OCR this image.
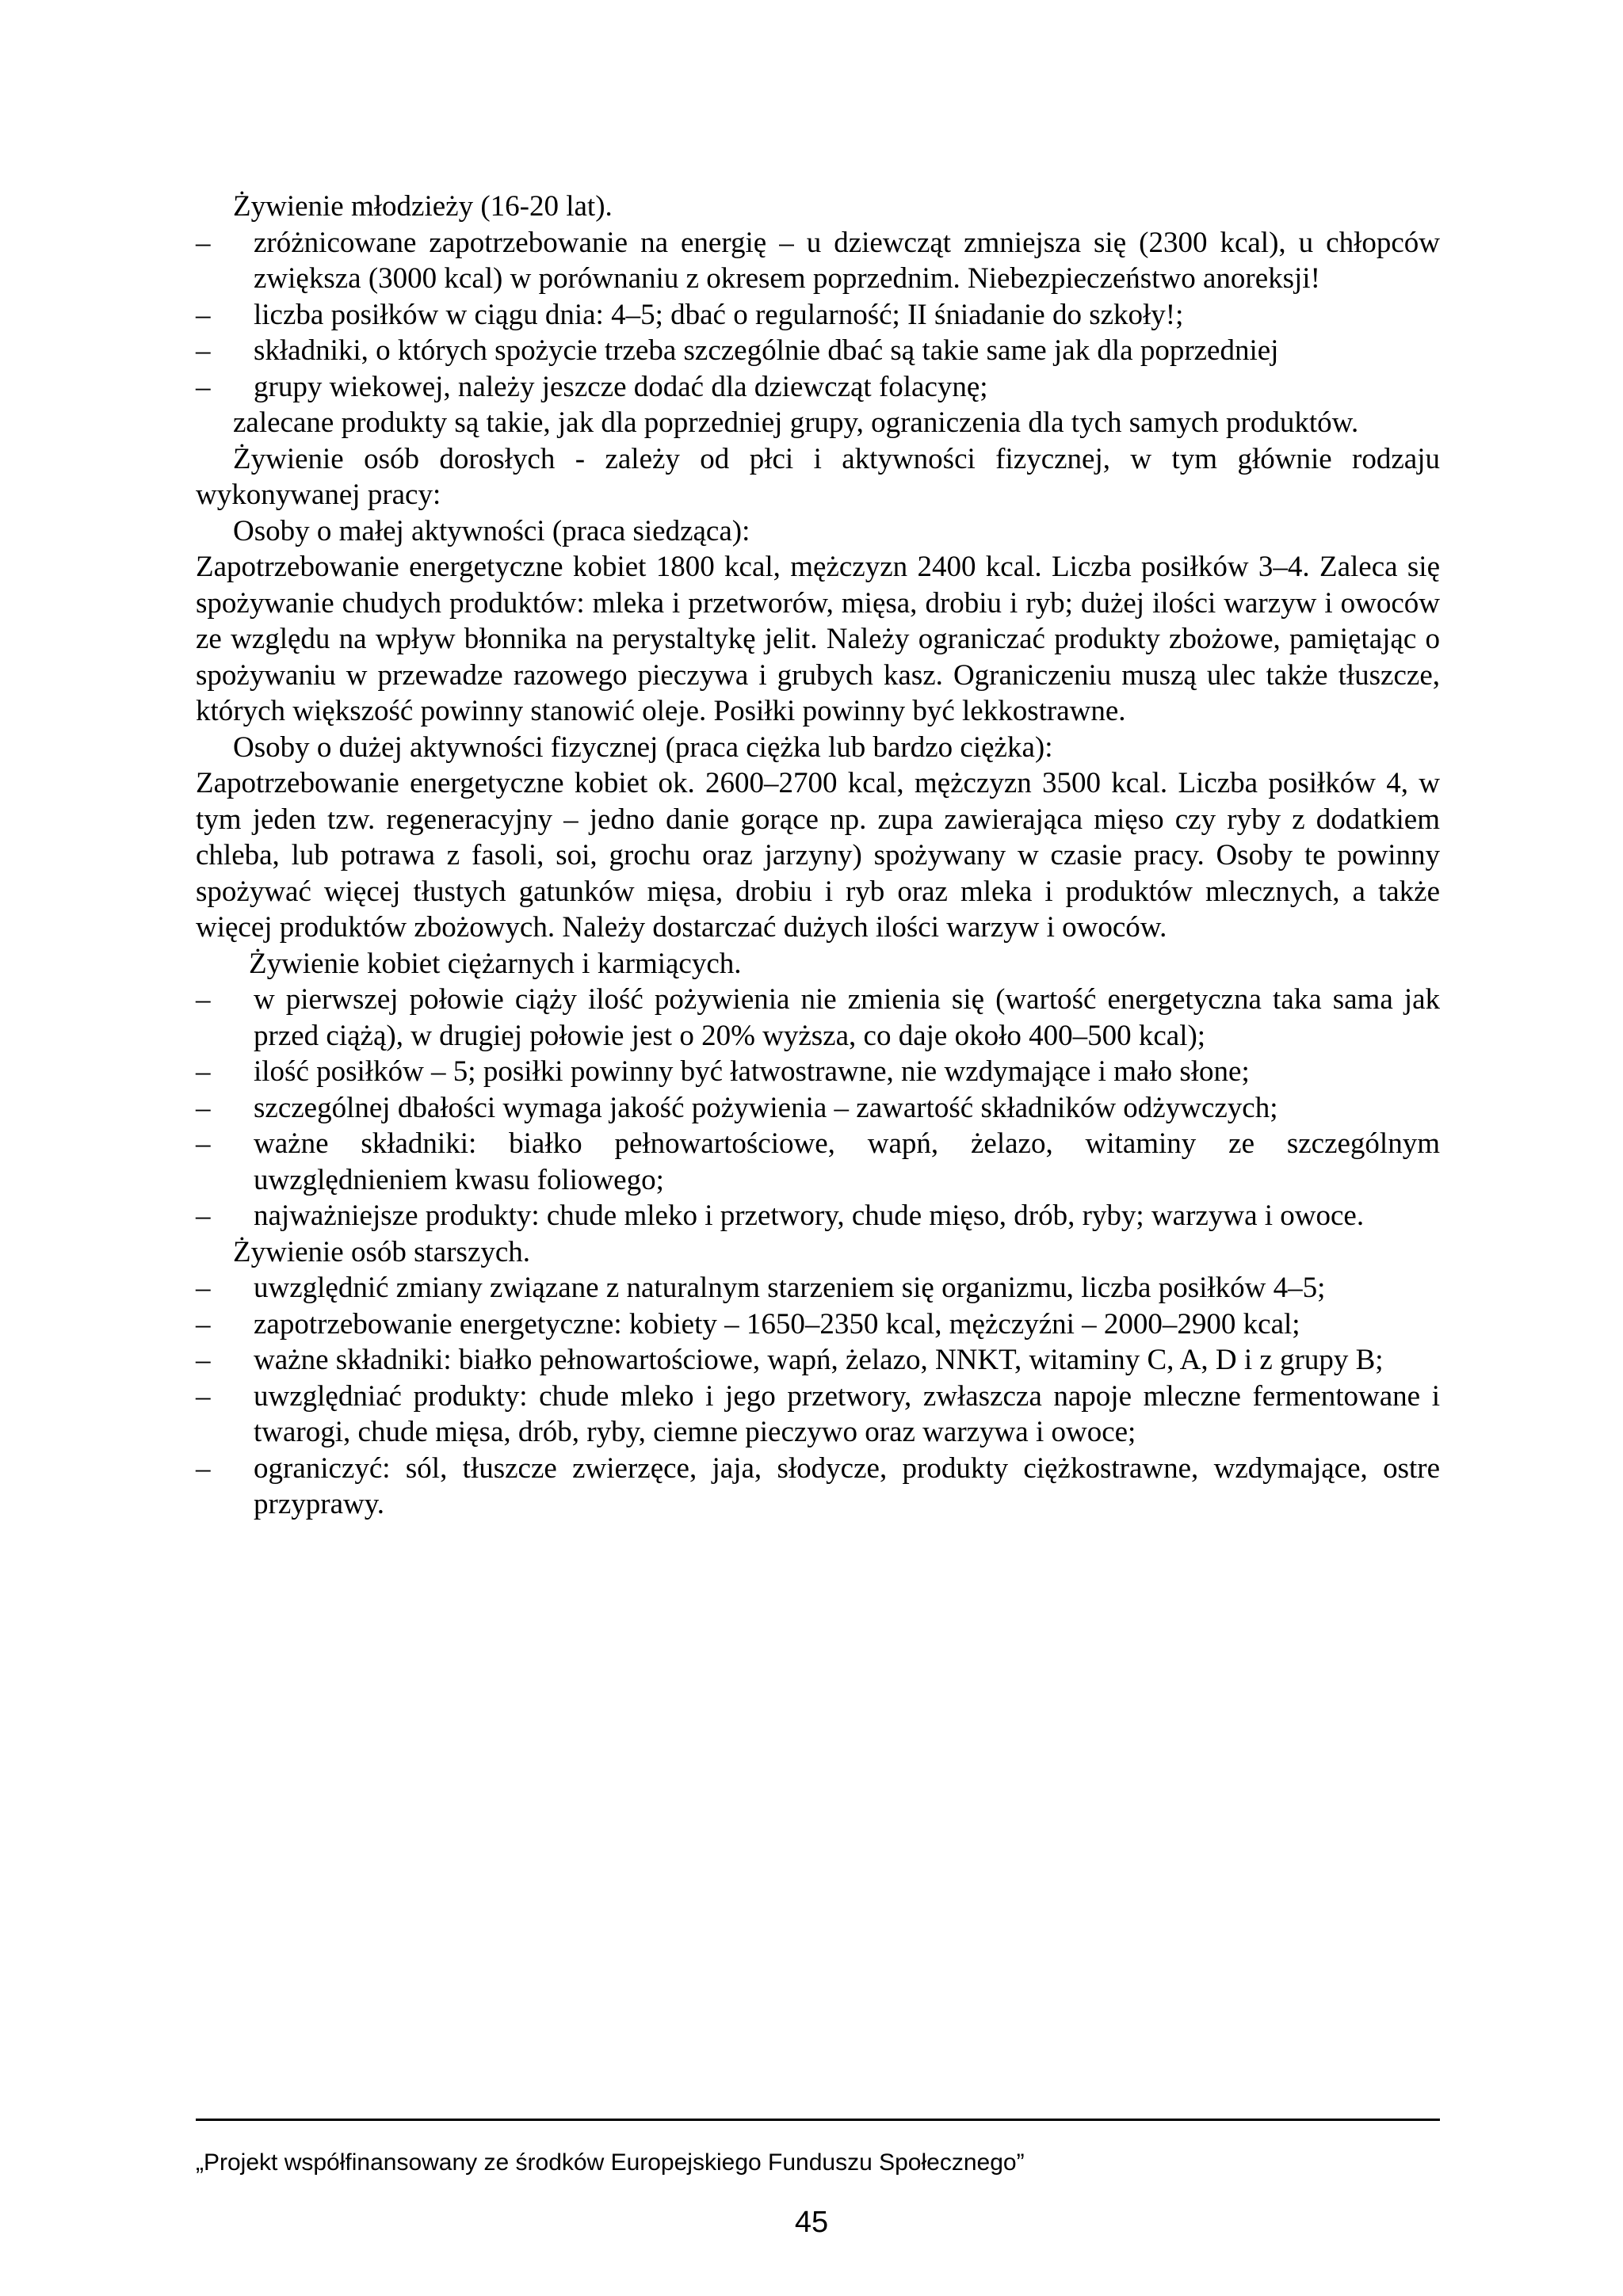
Żywienie młodzieży (16-20 lat).

– zróżnicowane zapotrzebowanie na energię – u dziewcząt zmniejsza się (2300 kcal), u chłopców zwiększa (3000 kcal) w porównaniu z okresem poprzednim. Niebezpieczeństwo anoreksji!
– liczba posiłków w ciągu dnia: 4–5; dbać o regularność; II śniadanie do szkoły!;
– składniki, o których spożycie trzeba szczególnie dbać są takie same jak dla poprzedniej
– grupy wiekowej, należy jeszcze dodać dla dziewcząt folacynę;

zalecane produkty są takie, jak dla poprzedniej grupy, ograniczenia dla tych samych produktów.

Żywienie osób dorosłych - zależy od płci i aktywności fizycznej, w tym głównie rodzaju wykonywanej pracy:

Osoby o małej aktywności (praca siedząca):

Zapotrzebowanie energetyczne kobiet 1800 kcal, mężczyzn 2400 kcal. Liczba posiłków 3–4. Zaleca się spożywanie chudych produktów: mleka i przetworów, mięsa, drobiu i ryb; dużej ilości warzyw i owoców ze względu na wpływ błonnika na perystaltykę jelit. Należy ograniczać produkty zbożowe, pamiętając o spożywaniu w przewadze razowego pieczywa i grubych kasz. Ograniczeniu muszą ulec także tłuszcze, których większość powinny stanowić oleje. Posiłki powinny być lekkostrawne.

Osoby o dużej aktywności fizycznej (praca ciężka lub bardzo ciężka):

Zapotrzebowanie energetyczne kobiet ok. 2600–2700 kcal, mężczyzn 3500 kcal. Liczba posiłków 4, w tym jeden tzw. regeneracyjny – jedno danie gorące np. zupa zawierająca mięso czy ryby z dodatkiem chleba, lub potrawa z fasoli, soi, grochu oraz jarzyny) spożywany w czasie pracy. Osoby te powinny spożywać więcej tłustych gatunków mięsa, drobiu i ryb oraz mleka i produktów mlecznych, a także więcej produktów zbożowych. Należy dostarczać dużych ilości warzyw i owoców.

Żywienie kobiet ciężarnych i karmiących.

– w pierwszej połowie ciąży ilość pożywienia nie zmienia się (wartość energetyczna taka sama jak przed ciążą), w drugiej połowie jest o 20% wyższa, co daje około 400–500 kcal);
– ilość posiłków – 5; posiłki powinny być łatwostrawne, nie wzdymające i mało słone;
– szczególnej dbałości wymaga jakość pożywienia – zawartość składników odżywczych;
– ważne składniki: białko pełnowartościowe, wapń, żelazo, witaminy ze szczególnym uwzględnieniem kwasu foliowego;
– najważniejsze produkty: chude mleko i przetwory, chude mięso, drób, ryby; warzywa i owoce.

Żywienie osób starszych.

– uwzględnić zmiany związane z naturalnym starzeniem się organizmu, liczba posiłków 4–5;
– zapotrzebowanie energetyczne: kobiety – 1650–2350 kcal, mężczyźni – 2000–2900 kcal;
– ważne składniki: białko pełnowartościowe, wapń, żelazo, NNKT, witaminy C, A, D i z grupy B;
– uwzględniać produkty: chude mleko i jego przetwory, zwłaszcza napoje mleczne fermentowane i twarogi, chude mięsa, drób, ryby, ciemne pieczywo oraz warzywa i owoce;
– ograniczyć: sól, tłuszcze zwierzęce, jaja, słodycze, produkty ciężkostrawne, wzdymające, ostre przyprawy.
„Projekt współfinansowany ze środków Europejskiego Funduszu Społecznego”
45
